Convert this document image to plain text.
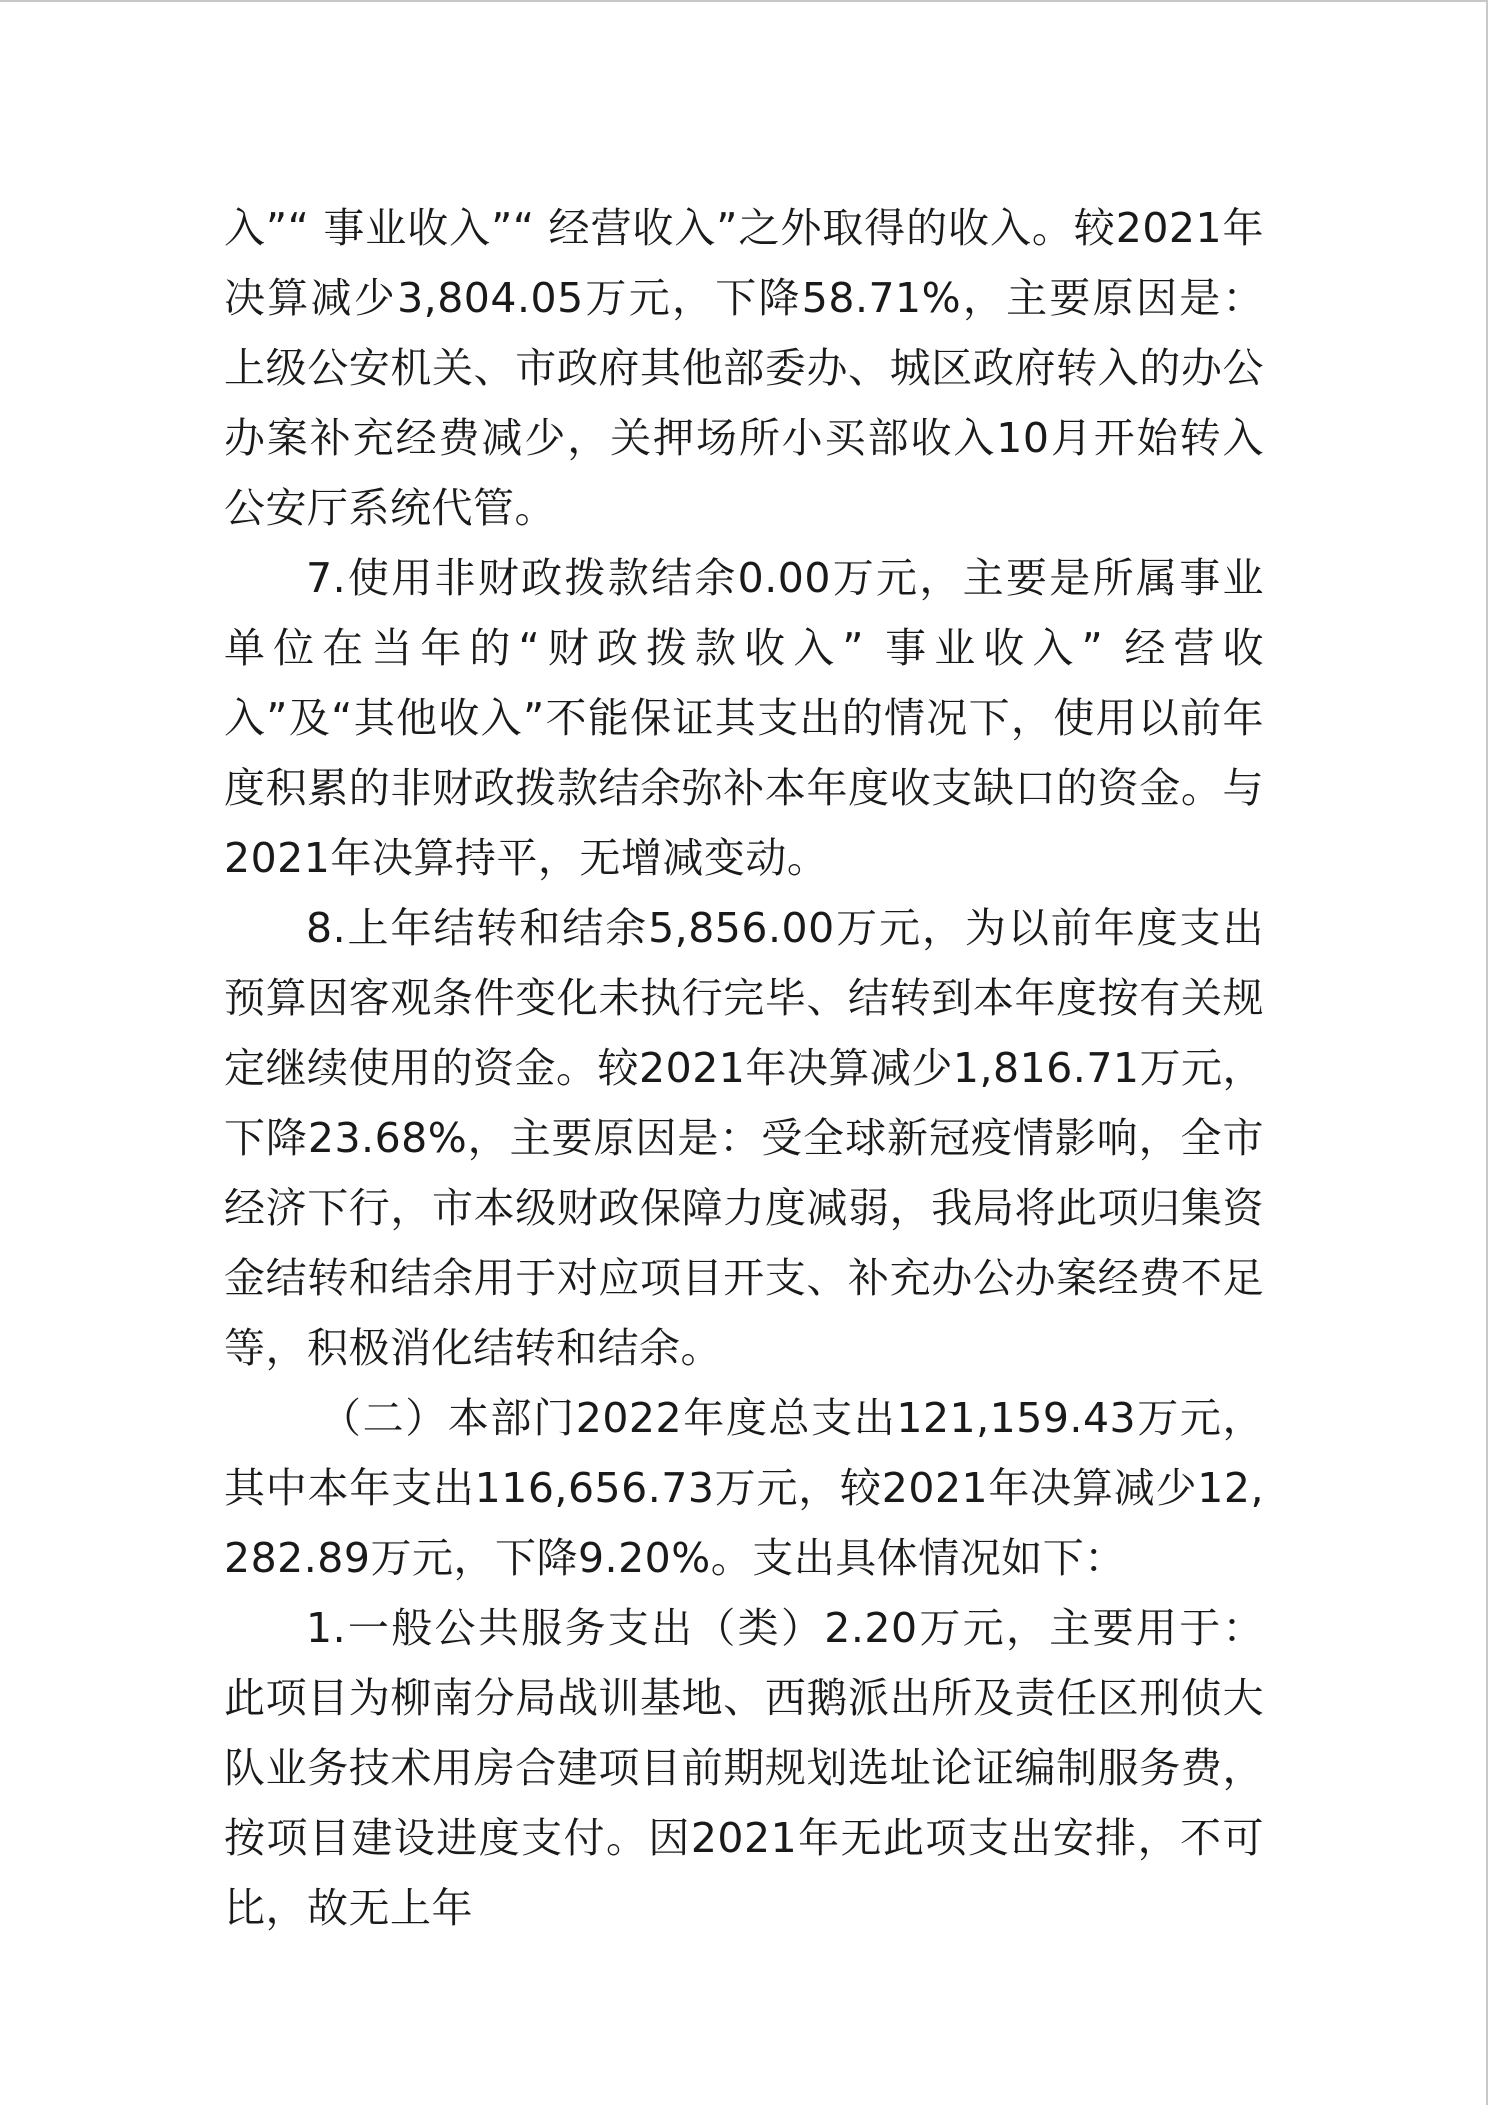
入”“ 事业收入”“ 经营收入”之外取得的收入。较2021年决算减少3,804.05万元，下降58.71%，主要原因是：上级公安机关、市政府其他部委办、城区政府转入的办公办案补充经费减少，关押场所小买部收入10月开始转入公安厅系统代管。

7.使用非财政拨款结余0.00万元，主要是所属事业单位在当年的“财政拨款收入” 事业收入” 经营收入”及“其他收入”不能保证其支出的情况下，使用以前年度积累的非财政拨款结余弥补本年度收支缺口的资金。与2021年决算持平，无增减变动。

8.上年结转和结余5,856.00万元，为以前年度支出预算因客观条件变化未执行完毕、结转到本年度按有关规定继续使用的资金。较2021年决算减少1,816.71万元，下降23.68%，主要原因是：受全球新冠疫情影响，全市经济下行，市本级财政保障力度减弱，我局将此项归集资金结转和结余用于对应项目开支、补充办公办案经费不足等，积极消化结转和结余。

（二）本部门2022年度总支出121,159.43万元，其中本年支出116,656.73万元，较2021年决算减少12,282.89万元，下降9.20%。支出具体情况如下：

1.一般公共服务支出（类）2.20万元，主要用于：此项目为柳南分局战训基地、西鹅派出所及责任区刑侦大队业务技术用房合建项目前期规划选址论证编制服务费，按项目建设进度支付。因2021年无此项支出安排，不可比，故无上年
